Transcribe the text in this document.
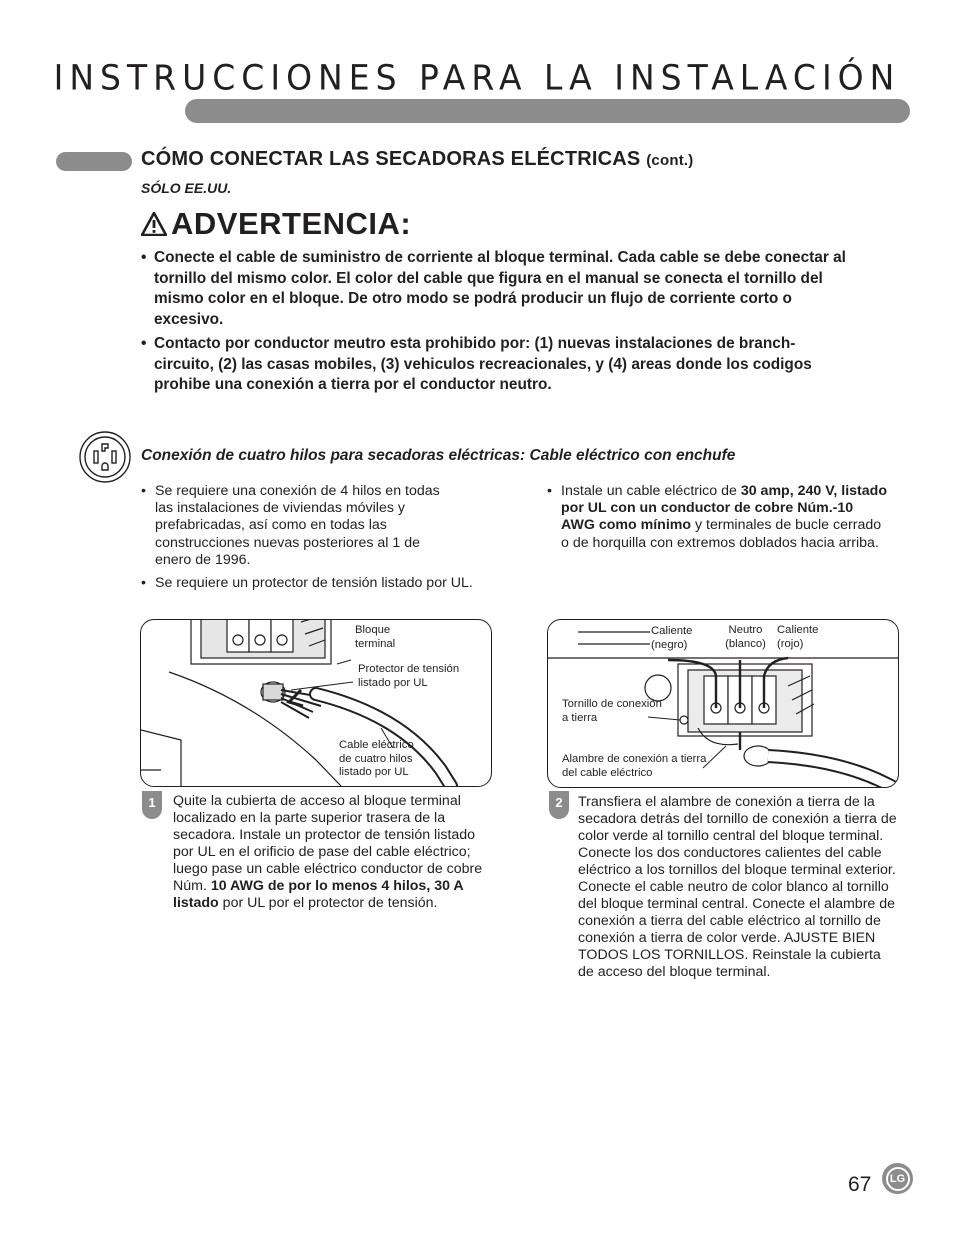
INSTRUCCIONES PARA LA INSTALACIÓN
CÓMO CONECTAR LAS SECADORAS ELÉCTRICAS (cont.)
SÓLO EE.UU.
ADVERTENCIA:
• Conecte el cable de suministro de corriente al bloque terminal. Cada cable se debe conectar al tornillo del mismo color. El color del cable que figura en el manual se conecta el tornillo del mismo color en el bloque. De otro modo se podrá producir un flujo de corriente corto o excesivo.
• Contacto por conductor meutro esta prohibido por: (1) nuevas instalaciones de branch-circuito, (2) las casas mobiles, (3) vehiculos recreacionales, y (4) areas donde los codigos prohibe una conexión a tierra por el conductor neutro.
Conexión de cuatro hilos para secadoras eléctricas: Cable eléctrico con enchufe
• Se requiere una conexión de 4 hilos en todas las instalaciones de viviendas móviles y prefabricadas, así como en todas las construcciones nuevas posteriores al 1 de enero de 1996.
• Se requiere un protector de tensión listado por UL.
• Instale un cable eléctrico de 30 amp, 240 V, listado por UL con un conductor de cobre Núm.-10 AWG como mínimo y terminales de bucle cerrado o de horquilla con extremos doblados hacia arriba.
Bloque terminal
Protector de tensión listado por UL
Cable eléctrico de cuatro hilos listado por UL
Caliente (negro)
Neutro (blanco)
Caliente (rojo)
Tornillo de conexión a tierra
Alambre de conexión a tierra del cable eléctrico
1	Quite la cubierta de acceso al bloque terminal localizado en la parte superior trasera de la secadora. Instale un protector de tensión listado por UL en el orificio de pase del cable eléctrico; luego pase un cable eléctrico conductor de cobre Núm. 10 AWG de por lo menos 4 hilos, 30 A listado por UL por el protector de tensión.
2	Transfiera el alambre de conexión a tierra de la secadora detrás del tornillo de conexión a tierra de color verde al tornillo central del bloque terminal. Conecte los dos conductores calientes del cable eléctrico a los tornillos del bloque terminal exterior. Conecte el cable neutro de color blanco al tornillo del bloque terminal central. Conecte el alambre de conexión a tierra del cable eléctrico al tornillo de conexión a tierra de color verde. AJUSTE BIEN TODOS LOS TORNILLOS. Reinstale la cubierta de acceso del bloque terminal.
67	LG
